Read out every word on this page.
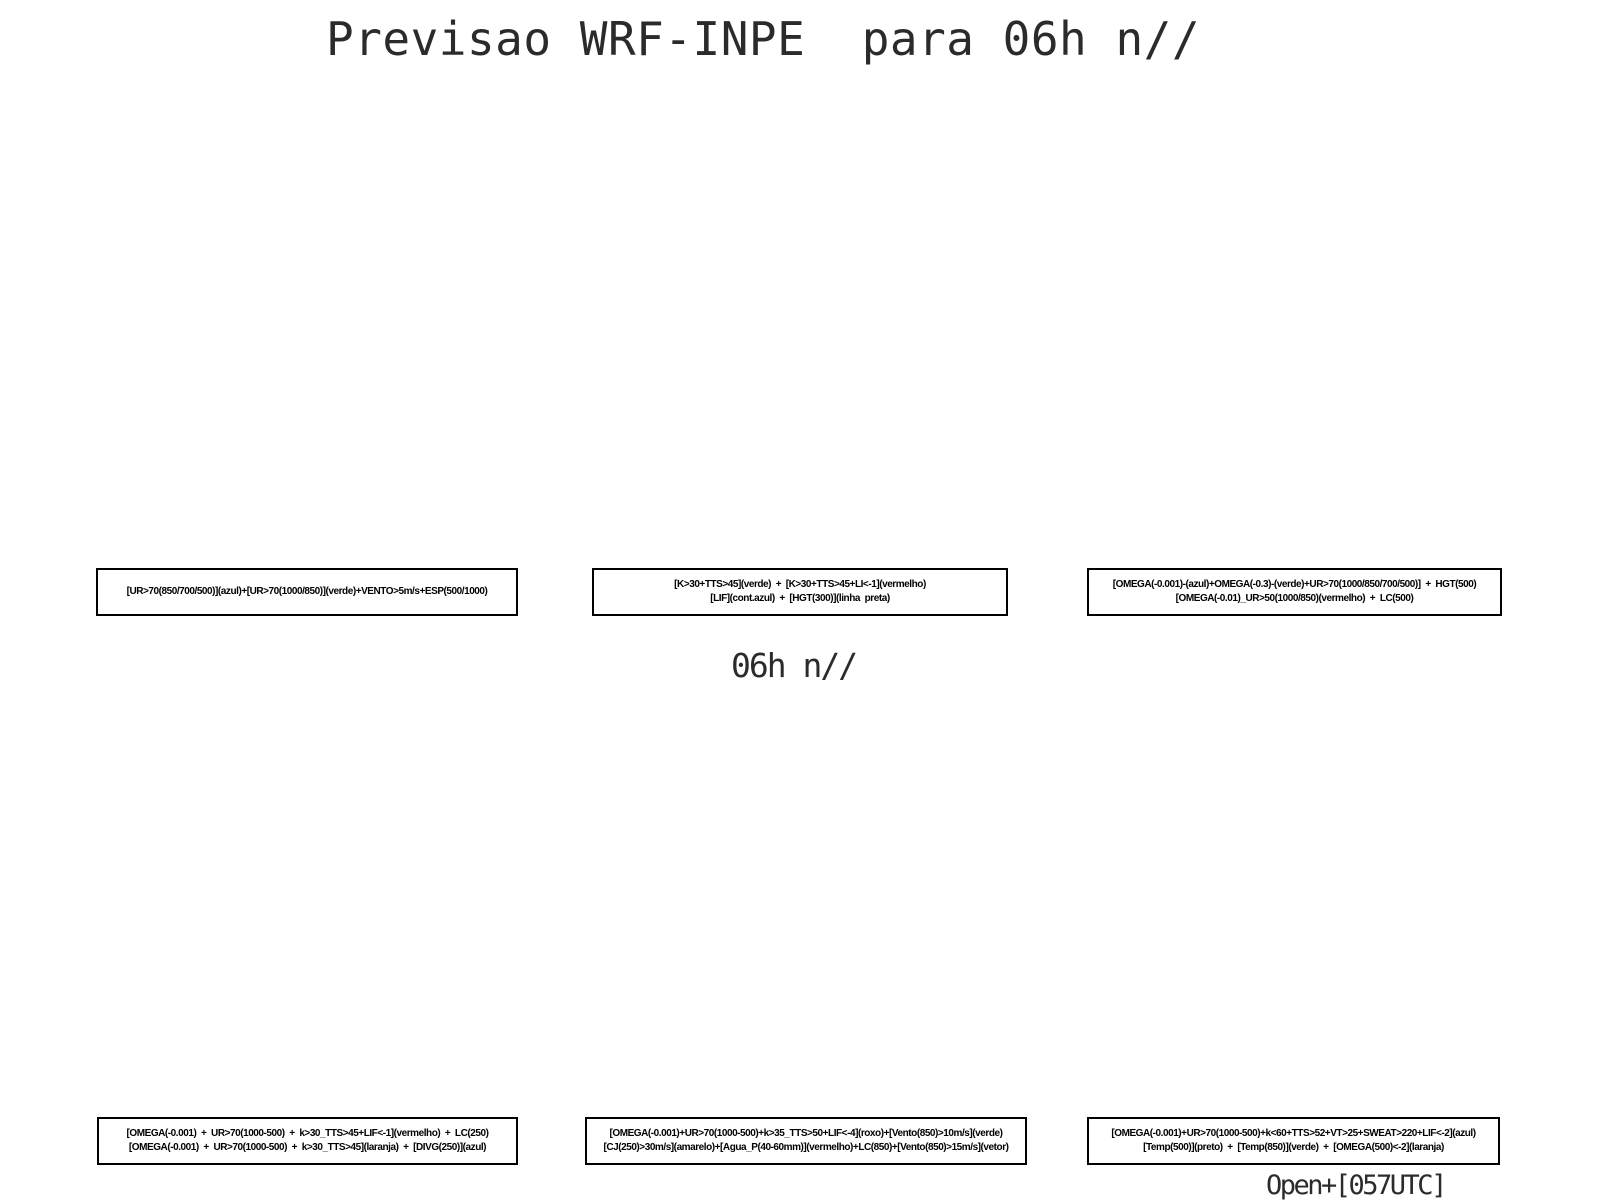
Previsao WRF-INPE  para 06h n//
[UR>70(850/700/500)](azul)+[UR>70(1000/850)](verde)+VENTO>5m/s+ESP(500/1000)
[K>30+TTS>45](verde)  +  [K>30+TTS>45+LI<-1](vermelho)
[LIF](cont.azul)  +  [HGT(300)](linha  preta)
[OMEGA(-0.001)-(azul)+OMEGA(-0.3)-(verde)+UR>70(1000/850/700/500)]  +  HGT(500)
[OMEGA(-0.01)_UR>50(1000/850)(vermelho)  +  LC(500)
06h n//
[OMEGA(-0.001)  +  UR>70(1000-500)  +  k>30_TTS>45+LIF<-1](vermelho)  +  LC(250)
[OMEGA(-0.001)  +  UR>70(1000-500)  +  k>30_TTS>45](laranja)  +  [DIVG(250)](azul)
[OMEGA(-0.001)+UR>70(1000-500)+k>35_TTS>50+LIF<-4](roxo)+[Vento(850)>10m/s](verde)
[CJ(250)>30m/s](amarelo)+[Agua_P(40-60mm)](vermelho)+LC(850)+[Vento(850)>15m/s](vetor)
[OMEGA(-0.001)+UR>70(1000-500)+k<60+TTS>52+VT>25+SWEAT>220+LIF<-2](azul)
[Temp(500)](preto)  +  [Temp(850)](verde)  +  [OMEGA(500)<-2](laranja)
Open+[057UTC]
